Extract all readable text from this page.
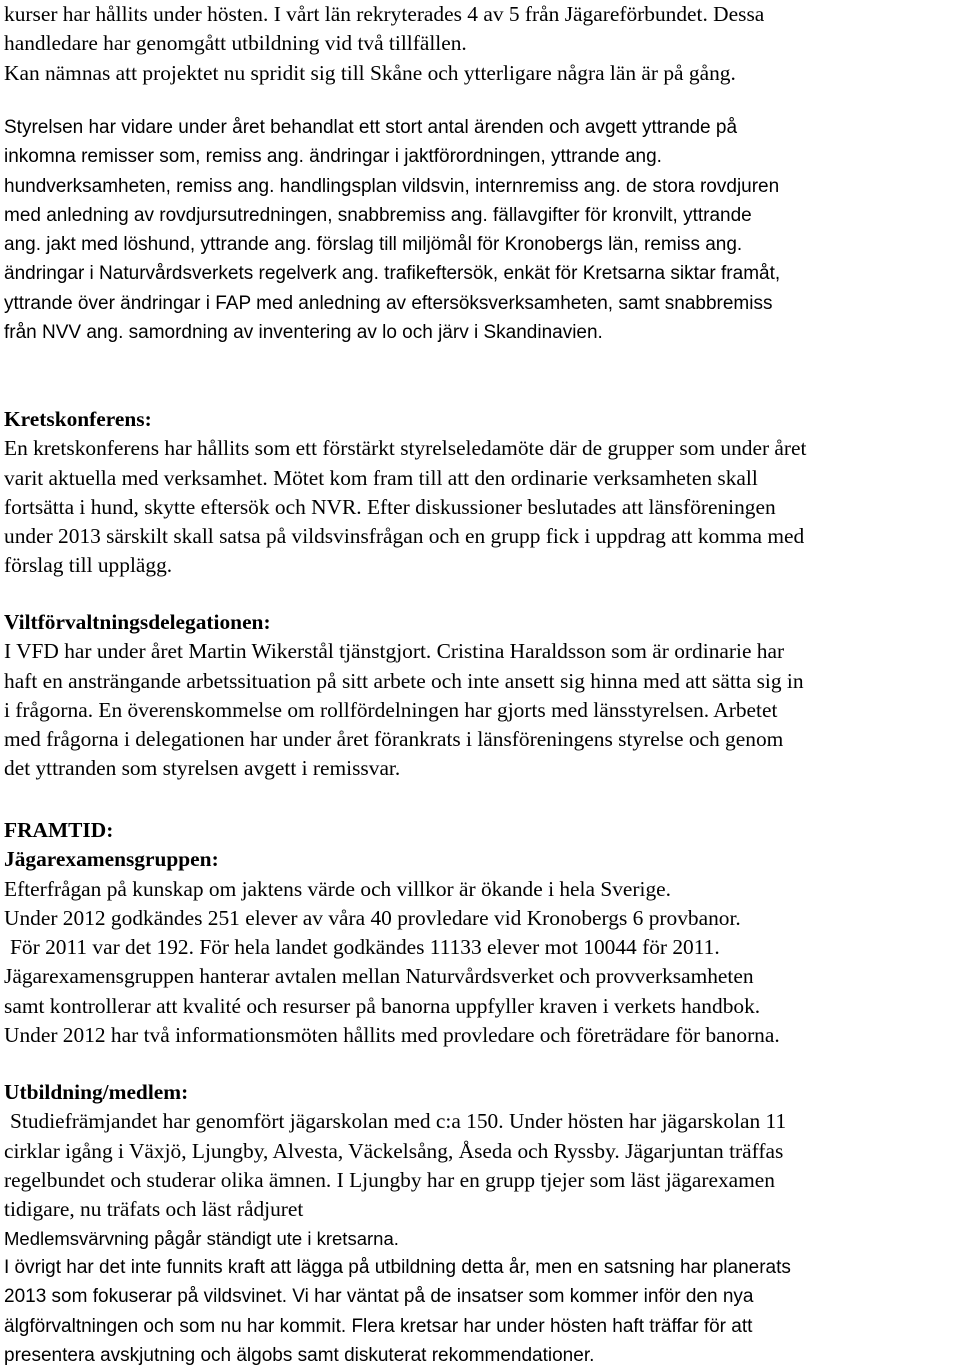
kurser har hållits under hösten. I vårt län rekryterades 4 av 5 från Jägareförbundet. Dessa
handledare har genomgått utbildning vid två tillfällen.
Kan nämnas att projektet nu spridit sig till Skåne och ytterligare några län är på gång.
Styrelsen har vidare under året behandlat ett stort antal ärenden och avgett yttrande på
inkomna remisser som, remiss ang. ändringar i jaktförordningen, yttrande ang.
hundverksamheten, remiss ang. handlingsplan vildsvin, internremiss ang. de stora rovdjuren
med anledning av rovdjursutredningen, snabbremiss ang. fällavgifter för kronvilt, yttrande
ang. jakt med löshund, yttrande ang. förslag till miljömål för Kronobergs län, remiss ang.
ändringar i Naturvårdsverkets regelverk ang. trafikeftersök, enkät för Kretsarna siktar framåt,
yttrande över ändringar i FAP med anledning av eftersöksverksamheten, samt snabbremiss
från NVV ang. samordning av inventering av lo och järv i Skandinavien.
Kretskonferens:
En kretskonferens har hållits som ett förstärkt styrelseledamöte där de grupper som under året
varit aktuella med verksamhet. Mötet kom fram till att den ordinarie verksamheten skall
fortsätta i hund, skytte eftersök och NVR. Efter diskussioner beslutades att länsföreningen
under 2013 särskilt skall satsa på vildsvinsfrågan och en grupp fick i uppdrag att komma med
förslag till upplägg.
Viltförvaltningsdelegationen:
I VFD har under året Martin Wikerstål tjänstgjort. Cristina Haraldsson som är ordinarie har
haft en ansträngande arbetssituation på sitt arbete och inte ansett sig hinna med att sätta sig in
i frågorna. En överenskommelse om rollfördelningen har gjorts med länsstyrelsen. Arbetet
med frågorna i delegationen har under året förankrats i länsföreningens styrelse och genom
det yttranden som styrelsen avgett i remissvar.
FRAMTID:
Jägarexamensgruppen:
Efterfrågan på kunskap om jaktens värde och villkor är ökande i hela Sverige.
Under 2012 godkändes 251 elever av våra 40 provledare vid Kronobergs 6 provbanor.
För 2011 var det 192. För hela landet godkändes 11133 elever mot 10044 för 2011.
Jägarexamensgruppen hanterar avtalen mellan Naturvårdsverket och provverksamheten
samt kontrollerar att kvalité och resurser på banorna uppfyller kraven i verkets handbok.
Under 2012 har två informationsmöten hållits med provledare och företrädare för banorna.
Utbildning/medlem:
Studiefrämjandet har genomfört jägarskolan med c:a 150. Under hösten har jägarskolan 11
cirklar igång i Växjö, Ljungby, Alvesta, Väckelsång, Åseda och Ryssby. Jägarjuntan träffas
regelbundet och studerar olika ämnen. I Ljungby har en grupp tjejer som läst jägarexamen
tidigare, nu träfats och läst rådjuret
Medlemsvärvning pågår ständigt ute i kretsarna.
I övrigt har det inte funnits kraft att lägga på utbildning detta år, men en satsning har planerats
2013 som fokuserar på vildsvinet. Vi har väntat på de insatser som kommer inför den nya
älgförvaltningen och som nu har kommit. Flera kretsar har under hösten haft träffar för att
presentera avskjutning och älgobs samt diskuterat rekommendationer.
